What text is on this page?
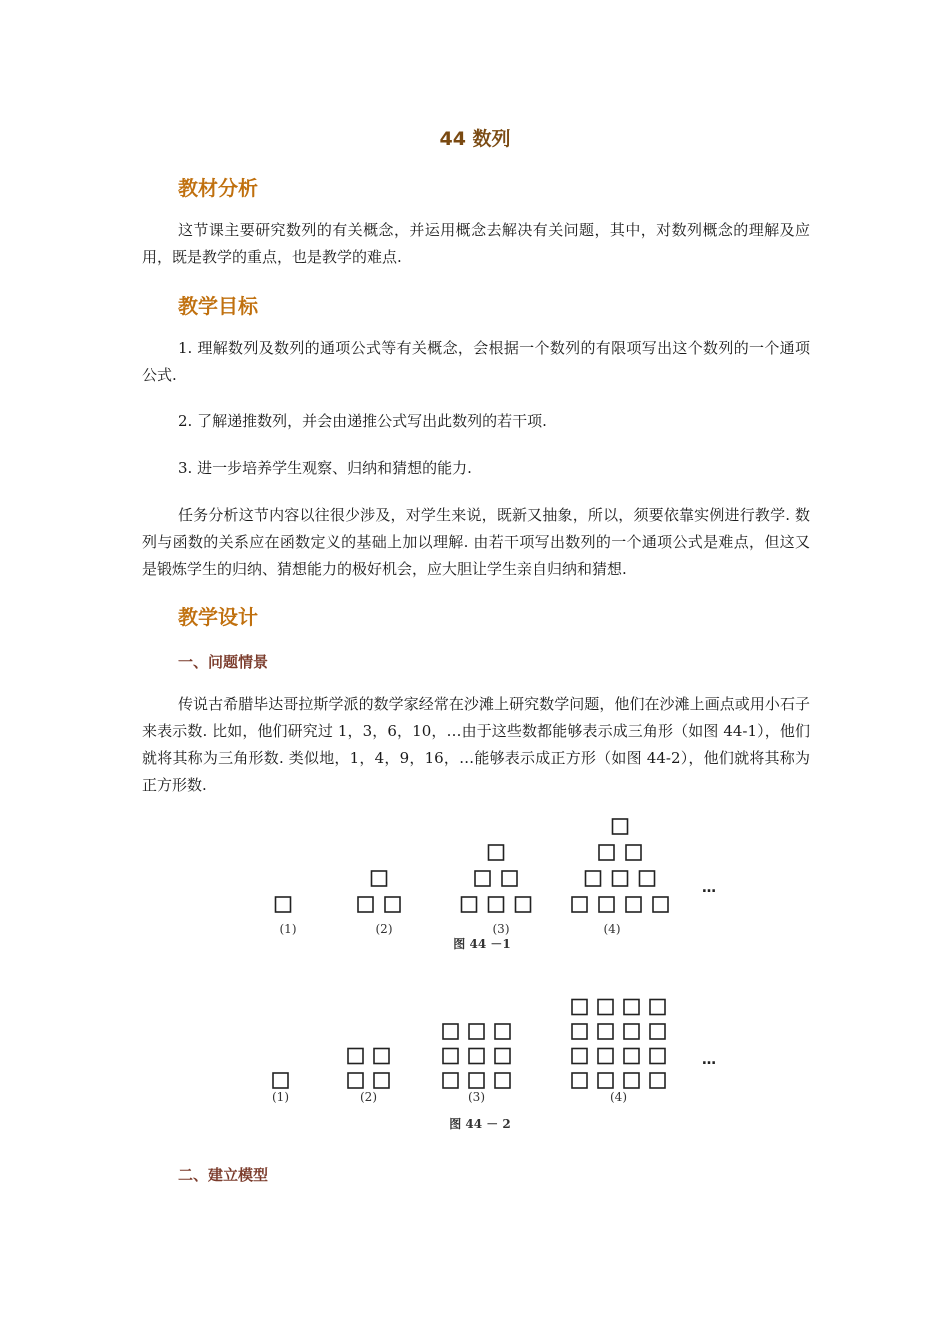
44 数列
教材分析
这节课主要研究数列的有关概念，并运用概念去解决有关问题，其中，对数列概念的理解及应用，既是教学的重点，也是教学的难点.
教学目标
1. 理解数列及数列的通项公式等有关概念，会根据一个数列的有限项写出这个数列的一个通项公式.
2. 了解递推数列，并会由递推公式写出此数列的若干项.
3. 进一步培养学生观察、归纳和猜想的能力.
任务分析这节内容以往很少涉及，对学生来说，既新又抽象，所以，须要依靠实例进行教学. 数列与函数的关系应在函数定义的基础上加以理解. 由若干项写出数列的一个通项公式是难点，但这又是锻炼学生的归纳、猜想能力的极好机会，应大胆让学生亲自归纳和猜想.
教学设计
一、问题情景
传说古希腊毕达哥拉斯学派的数学家经常在沙滩上研究数学问题，他们在沙滩上画点或用小石子来表示数. 比如，他们研究过 1，3，6，10，…由于这些数都能够表示成三角形（如图 44-1），他们就将其称为三角形数. 类似地，1，4，9，16，…能够表示成正方形（如图 44-2），他们就将其称为正方形数.
(1)	(2)	(3)	(4)
…
图 44 －1
(1)	(2)	(3)	(4)
…
图 44 － 2
二、建立模型
